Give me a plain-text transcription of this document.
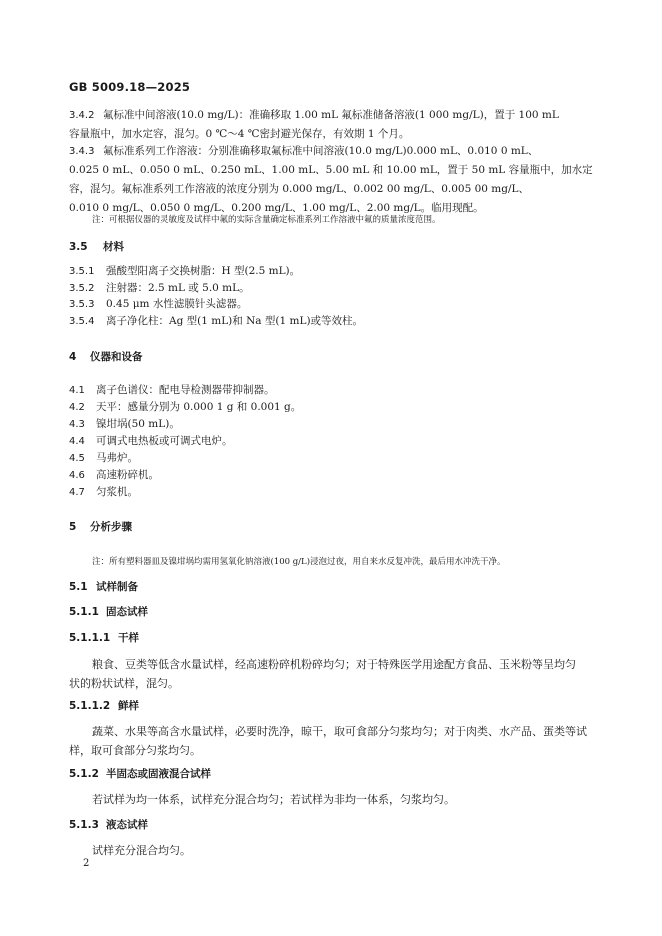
GB 5009.18—2025
3.4.2 氟标准中间溶液(10.0 mg/L)：准确移取 1.00 mL 氟标准储备溶液(1 000 mg/L)，置于 100 mL
容量瓶中，加水定容，混匀。0 ℃～4 ℃密封避光保存，有效期 1 个月。
3.4.3 氟标准系列工作溶液：分别准确移取氟标准中间溶液(10.0 mg/L)0.000 mL、0.010 0 mL、
0.025 0 mL、0.050 0 mL、0.250 mL、1.00 mL、5.00 mL 和 10.00 mL，置于 50 mL 容量瓶中，加水定
容，混匀。氟标准系列工作溶液的浓度分别为 0.000 mg/L、0.002 00 mg/L、0.005 00 mg/L、
0.010 0 mg/L、0.050 0 mg/L、0.200 mg/L、1.00 mg/L、2.00 mg/L。临用现配。
注：可根据仪器的灵敏度及试样中氟的实际含量确定标准系列工作溶液中氟的质量浓度范围。
3.5 材料
3.5.1 强酸型阳离子交换树脂：H 型(2.5 mL)。
3.5.2 注射器：2.5 mL 或 5.0 mL。
3.5.3 0.45 μm 水性滤膜针头滤器。
3.5.4 离子净化柱：Ag 型(1 mL)和 Na 型(1 mL)或等效柱。
4 仪器和设备
4.1 离子色谱仪：配电导检测器带抑制器。
4.2 天平：感量分别为 0.000 1 g 和 0.001 g。
4.3 镍坩埚(50 mL)。
4.4 可调式电热板或可调式电炉。
4.5 马弗炉。
4.6 高速粉碎机。
4.7 匀浆机。
5 分析步骤
注：所有塑料器皿及镍坩埚均需用氢氧化钠溶液(100 g/L)浸泡过夜，用自来水反复冲洗，最后用水冲洗干净。
5.1 试样制备
5.1.1 固态试样
5.1.1.1 干样
粮食、豆类等低含水量试样，经高速粉碎机粉碎均匀；对于特殊医学用途配方食品、玉米粉等呈均匀
状的粉状试样，混匀。
5.1.1.2 鲜样
蔬菜、水果等高含水量试样，必要时洗净，晾干，取可食部分匀浆均匀；对于肉类、水产品、蛋类等试
样，取可食部分匀浆均匀。
5.1.2 半固态或固液混合试样
若试样为均一体系，试样充分混合均匀；若试样为非均一体系，匀浆均匀。
5.1.3 液态试样
试样充分混合均匀。
2
